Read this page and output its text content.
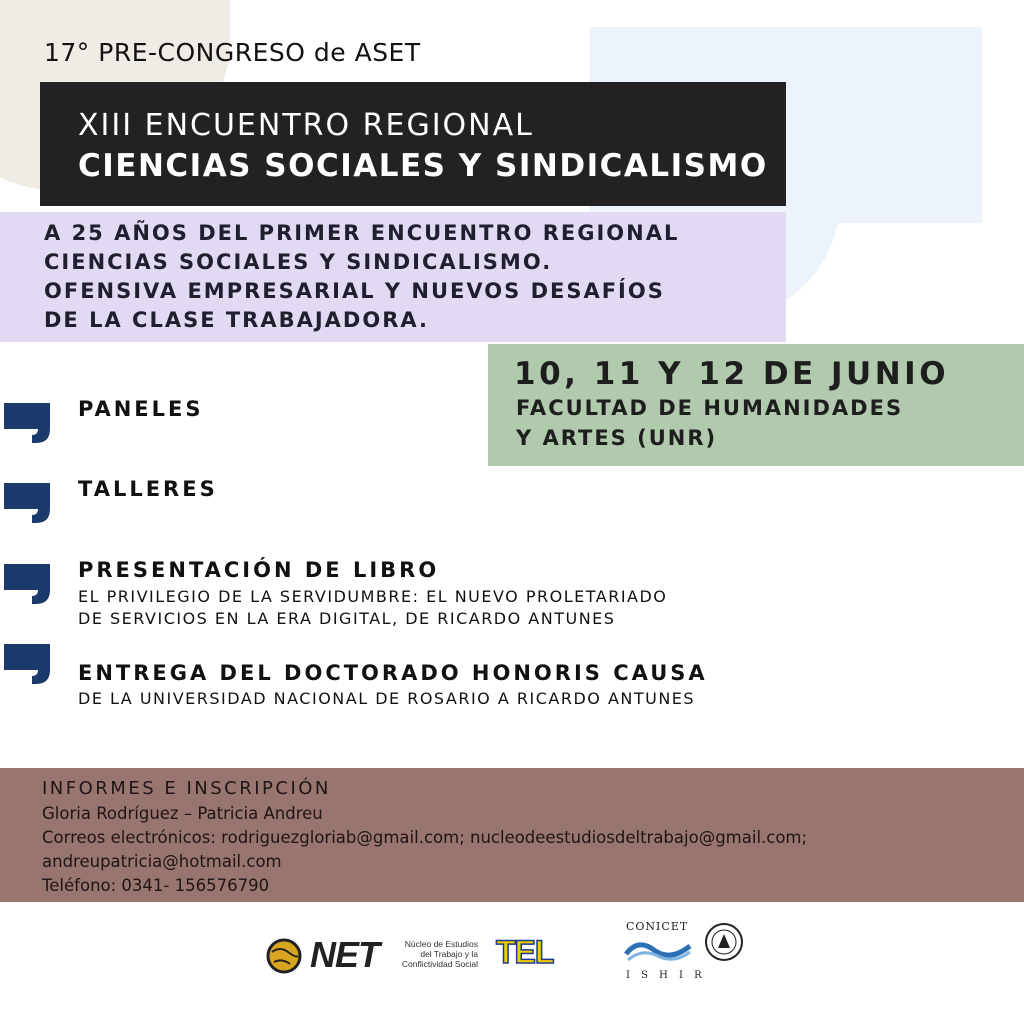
17° PRE-CONGRESO de ASET
XIII ENCUENTRO REGIONAL
CIENCIAS SOCIALES Y SINDICALISMO
A 25 AÑOS DEL PRIMER ENCUENTRO REGIONAL
CIENCIAS SOCIALES Y SINDICALISMO.
OFENSIVA EMPRESARIAL Y NUEVOS DESAFÍOS
DE LA CLASE TRABAJADORA.
10, 11 Y 12 DE JUNIO
FACULTAD DE HUMANIDADES
Y ARTES (UNR)
PANELES
TALLERES
PRESENTACIÓN DE LIBRO
EL PRIVILEGIO DE LA SERVIDUMBRE: EL NUEVO PROLETARIADO
DE SERVICIOS EN LA ERA DIGITAL, DE RICARDO ANTUNES
ENTREGA DEL DOCTORADO HONORIS CAUSA
DE LA UNIVERSIDAD NACIONAL DE ROSARIO A RICARDO ANTUNES
INFORMES E INSCRIPCIÓN
Gloria Rodríguez – Patricia Andreu
Correos electrónicos: rodriguezgloriab@gmail.com; nucleodeestudiosdeltrabajo@gmail.com;
andreupatricia@hotmail.com
Teléfono: 0341- 156576790
NET	Núcleo de Estudios
del Trabajo y la
Conflictividad Social TEL
CONICET
I S H I R
